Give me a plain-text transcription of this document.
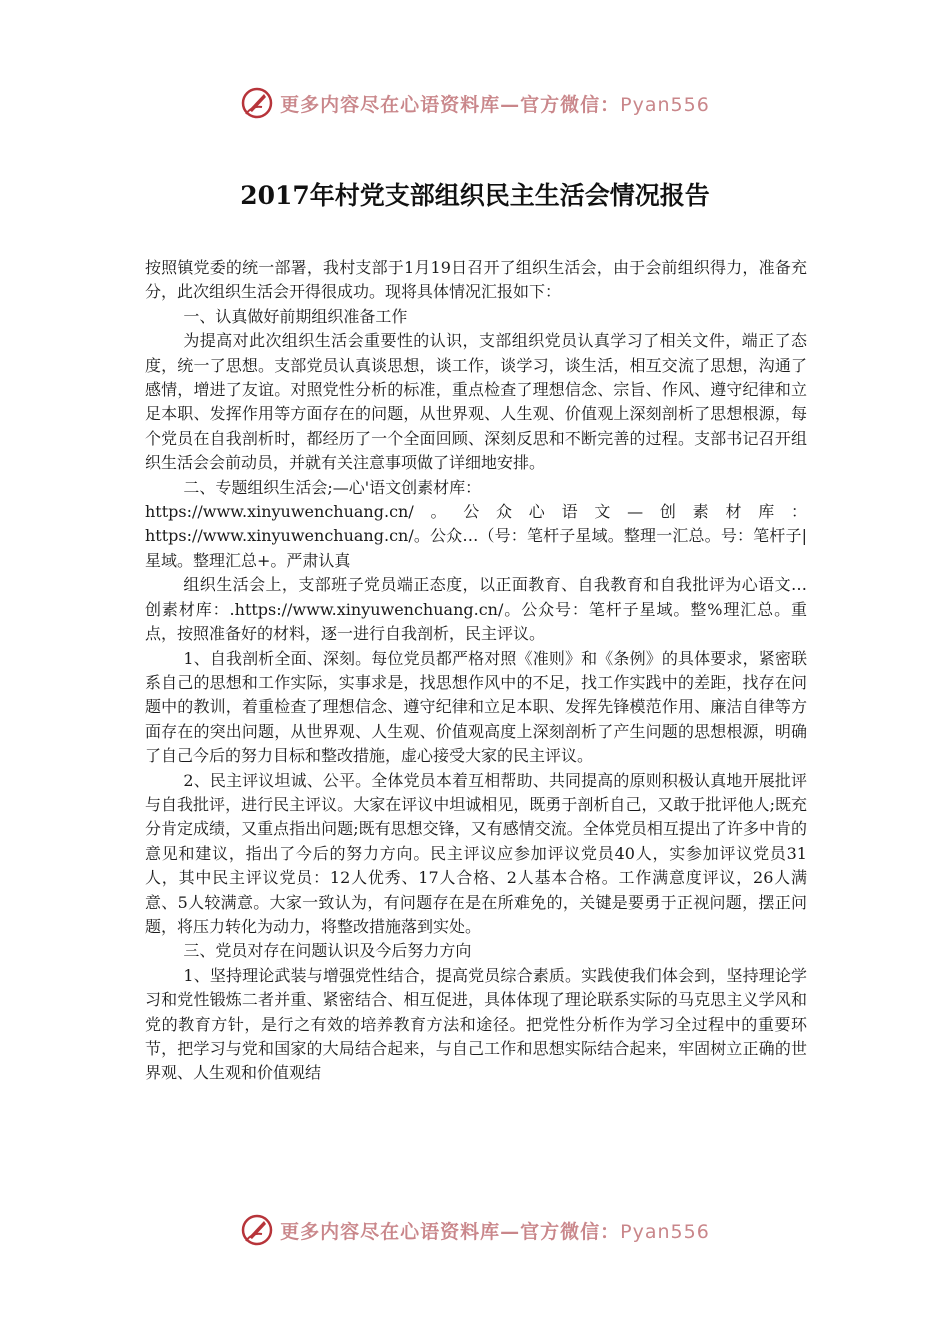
更多内容尽在心语资料库—官方微信：Pyan556
2017年村党支部组织民主生活会情况报告

按照镇党委的统一部署，我村支部于1月19日召开了组织生活会，由于会前组织得力，准备充分，此次组织生活会开得很成功。现将具体情况汇报如下：

一、认真做好前期组织准备工作

为提高对此次组织生活会重要性的认识，支部组织党员认真学习了相关文件，端正了态度，统一了思想。支部党员认真谈思想，谈工作，谈学习，谈生活，相互交流了思想，沟通了感情，增进了友谊。对照党性分析的标准，重点检查了理想信念、宗旨、作风、遵守纪律和立足本职、发挥作用等方面存在的问题，从世界观、人生观、价值观上深刻剖析了思想根源，每个党员在自我剖析时，都经历了一个全面回顾、深刻反思和不断完善的过程。支部书记召开组织生活会会前动员，并就有关注意事项做了详细地安排。

二、专题组织生活会;—心'语文创素材库：

https://www.xinyuwenchuang.cn/。公众心语文—创素材库：https://www.xinyuwenchuang.cn/。公众…（号：笔杆子星域。整理一汇总。号：笔杆子|星域。整理汇总+。严肃认真

组织生活会上，支部班子党员端正态度，以正面教育、自我教育和自我批评为心语文…创素材库：.https://www.xinyuwenchuang.cn/。公众号：笔杆子星域。整%理汇总。重点，按照准备好的材料，逐一进行自我剖析，民主评议。

1、自我剖析全面、深刻。每位党员都严格对照《准则》和《条例》的具体要求，紧密联系自己的思想和工作实际，实事求是，找思想作风中的不足，找工作实践中的差距，找存在问题中的教训，着重检查了理想信念、遵守纪律和立足本职、发挥先锋模范作用、廉洁自律等方面存在的突出问题，从世界观、人生观、价值观高度上深刻剖析了产生问题的思想根源，明确了自己今后的努力目标和整改措施，虚心接受大家的民主评议。

2、民主评议坦诚、公平。全体党员本着互相帮助、共同提高的原则积极认真地开展批评与自我批评，进行民主评议。大家在评议中坦诚相见，既勇于剖析自己，又敢于批评他人;既充分肯定成绩，又重点指出问题;既有思想交锋，又有感情交流。全体党员相互提出了许多中肯的意见和建议，指出了今后的努力方向。民主评议应参加评议党员40人，实参加评议党员31人，其中民主评议党员：12人优秀、17人合格、2人基本合格。工作满意度评议，26人满意、5人较满意。大家一致认为，有问题存在是在所难免的，关键是要勇于正视问题，摆正问题，将压力转化为动力，将整改措施落到实处。

三、党员对存在问题认识及今后努力方向

1、坚持理论武装与增强党性结合，提高党员综合素质。实践使我们体会到，坚持理论学习和党性锻炼二者并重、紧密结合、相互促进，具体体现了理论联系实际的马克思主义学风和党的教育方针，是行之有效的培养教育方法和途径。把党性分析作为学习全过程中的重要环节，把学习与党和国家的大局结合起来，与自己工作和思想实际结合起来，牢固树立正确的世界观、人生观和价值观结

更多内容尽在心语资料库—官方微信：Pyan556
